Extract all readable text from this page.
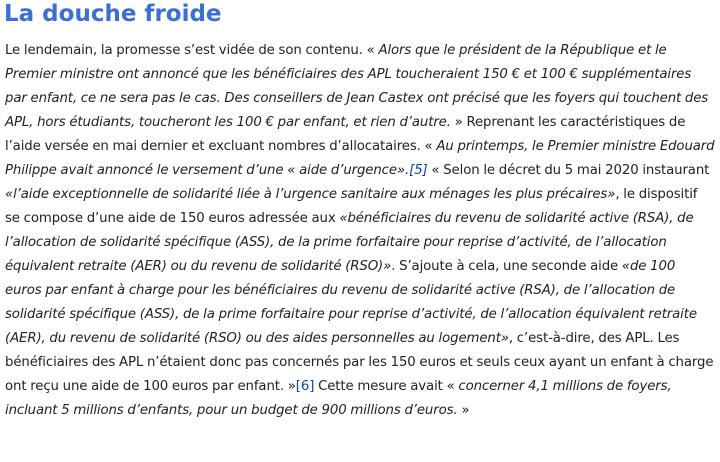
La douche froide

Le lendemain, la promesse s’est vidée de son contenu. « Alors que le président de la République et le Premier ministre ont annoncé que les bénéficiaires des APL toucheraient 150 € et 100 € supplémentaires par enfant, ce ne sera pas le cas. Des conseillers de Jean Castex ont précisé que les foyers qui touchent des APL, hors étudiants, toucheront les 100 € par enfant, et rien d’autre. » Reprenant les caractéristiques de l’aide versée en mai dernier et excluant nombres d’allocataires. « Au printemps, le Premier ministre Edouard Philippe avait annoncé le versement d’une « aide d’urgence».[5] « Selon le décret du 5 mai 2020 instaurant «l’aide exceptionnelle de solidarité liée à l’urgence sanitaire aux ménages les plus précaires», le dispositif se compose d’une aide de 150 euros adressée aux «bénéficiaires du revenu de solidarité active (RSA), de l’allocation de solidarité spécifique (ASS), de la prime forfaitaire pour reprise d’activité, de l’allocation équivalent retraite (AER) ou du revenu de solidarité (RSO)». S’ajoute à cela, une seconde aide «de 100 euros par enfant à charge pour les bénéficiaires du revenu de solidarité active (RSA), de l’allocation de solidarité spécifique (ASS), de la prime forfaitaire pour reprise d’activité, de l’allocation équivalent retraite (AER), du revenu de solidarité (RSO) ou des aides personnelles au logement», c’est-à-dire, des APL. Les bénéficiaires des APL n’étaient donc pas concernés par les 150 euros et seuls ceux ayant un enfant à charge ont reçu une aide de 100 euros par enfant. »[6] Cette mesure avait « concerner 4,1 millions de foyers, incluant 5 millions d’enfants, pour un budget de 900 millions d’euros. »
